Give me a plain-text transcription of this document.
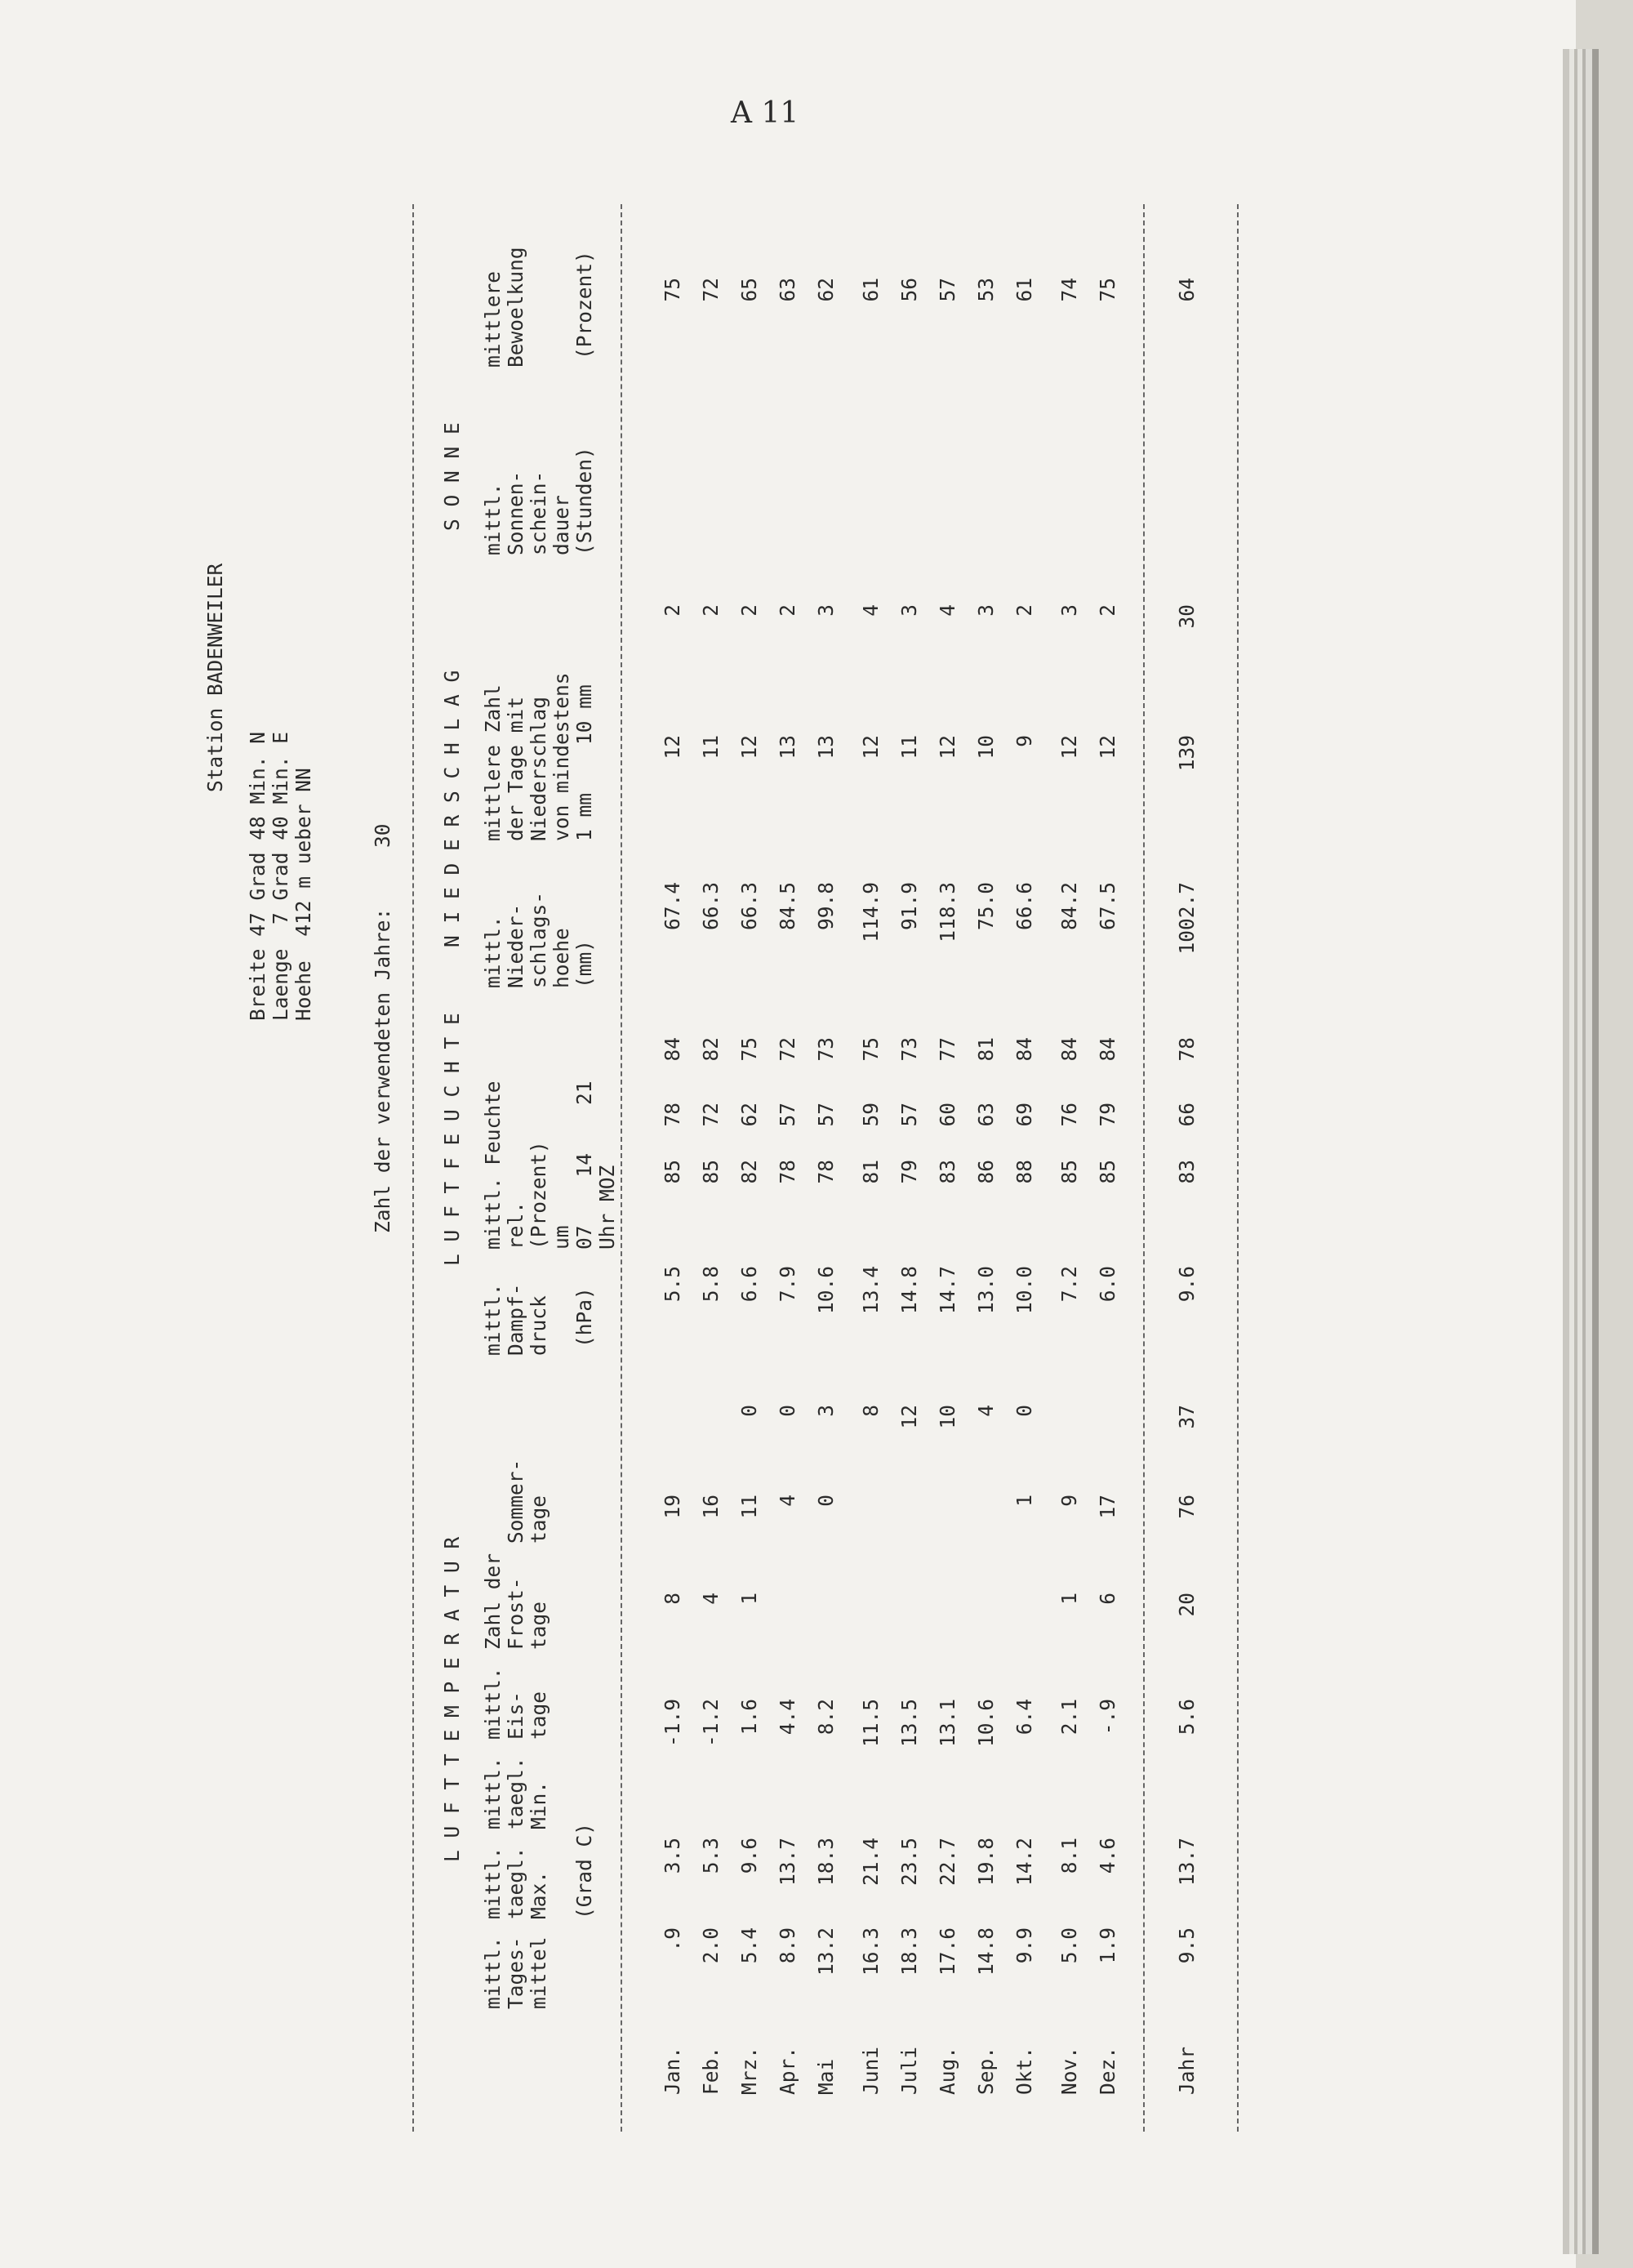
A 11
Station BADENWEILER
Breite 47 Grad 48 Min. N Laenge  7 Grad 40 Min. E Hoehe  412 m ueber NN
L U F T T E M P E R A T U R
L U F T F E U C H T E
N I E D E R S C H L A G
S O N N E
Zahl der verwendeten Jahre:     30
mittl. Tages- mittel
mittl. taegl. Max.
mittl. taegl. Min.
mittl. Eis- tage
Zahl der Frost- tage
Sommer- tage
(Grad C)
mittl. Dampf- druck (hPa)
mittl. Feuchte rel. (Prozent) um 07    14    21 Uhr MOZ
mittl. Nieder- schlags- hoehe (mm)
mittlere Zahl der Tage mit Niederschlag von mindestens 1 mm    10 mm
mittl. Sonnen- schein- dauer (Stunden)
mittlere Bewoelkung (Prozent)
Jan.
.9
3.5
-1.9
8
19
5.5
85
78
84
67.4
12
2
75
Feb.
2.0
5.3
-1.2
4
16
5.8
85
72
82
66.3
11
2
72
Mrz.
5.4
9.6
1.6
1
11
0
6.6
82
62
75
66.3
12
2
65
Apr.
8.9
13.7
4.4
4
0
7.9
78
57
72
84.5
13
2
63
Mai
13.2
18.3
8.2
0
3
10.6
78
57
73
99.8
13
3
62
Juni
16.3
21.4
11.5
8
13.4
81
59
75
114.9
12
4
61
Juli
18.3
23.5
13.5
12
14.8
79
57
73
91.9
11
3
56
Aug.
17.6
22.7
13.1
10
14.7
83
60
77
118.3
12
4
57
Sep.
14.8
19.8
10.6
4
13.0
86
63
81
75.0
10
3
53
Okt.
9.9
14.2
6.4
1
0
10.0
88
69
84
66.6
9
2
61
Nov.
5.0
8.1
2.1
1
9
7.2
85
76
84
84.2
12
3
74
Dez.
1.9
4.6
-.9
6
17
6.0
85
79
84
67.5
12
2
75
Jahr
9.5
13.7
5.6
20
76
37
9.6
83
66
78
1002.7
139
30
64
